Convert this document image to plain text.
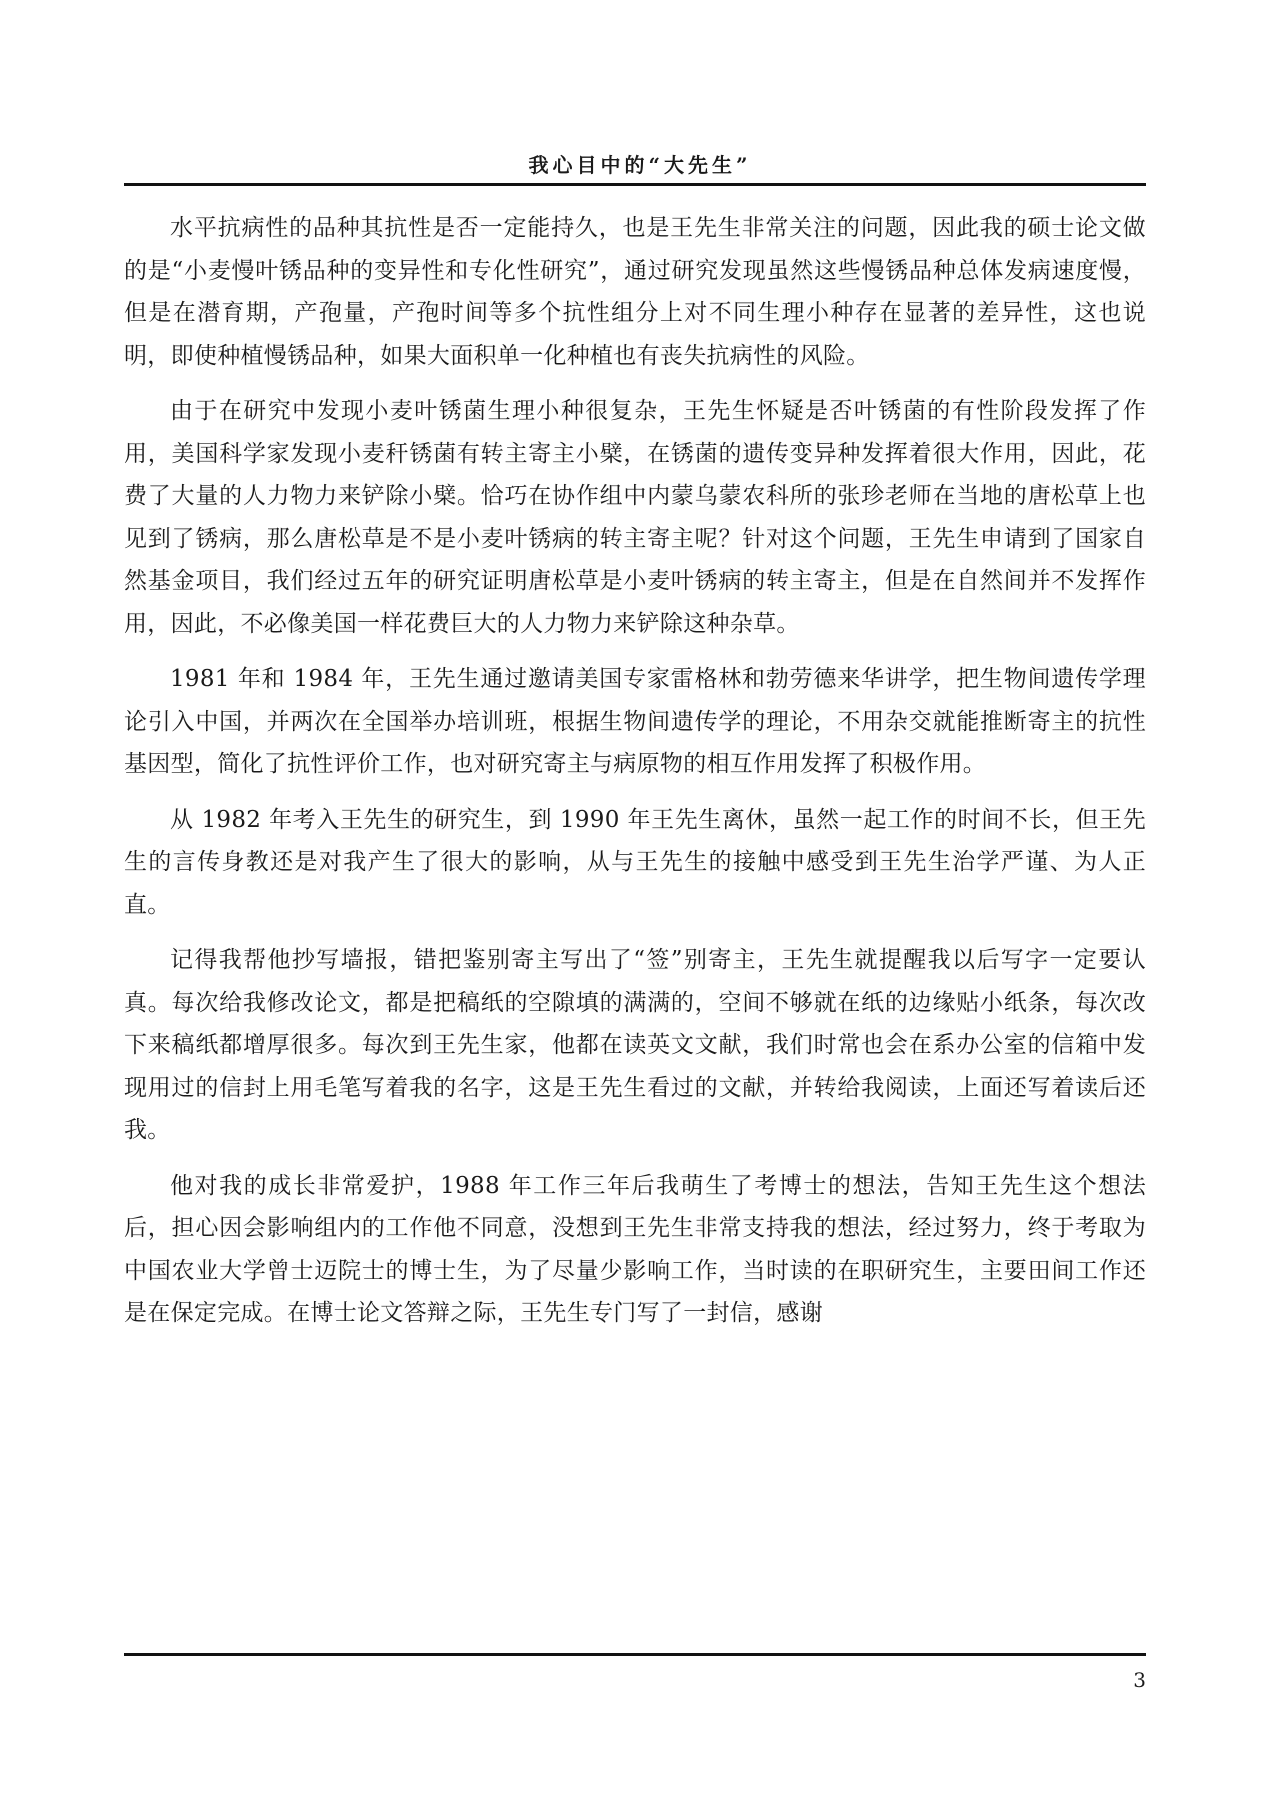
我心目中的“大先生”

水平抗病性的品种其抗性是否一定能持久，也是王先生非常关注的问题，因此我的硕士论文做的是“小麦慢叶锈品种的变异性和专化性研究”，通过研究发现虽然这些慢锈品种总体发病速度慢，但是在潜育期，产孢量，产孢时间等多个抗性组分上对不同生理小种存在显著的差异性，这也说明，即使种植慢锈品种，如果大面积单一化种植也有丧失抗病性的风险。

由于在研究中发现小麦叶锈菌生理小种很复杂，王先生怀疑是否叶锈菌的有性阶段发挥了作用，美国科学家发现小麦秆锈菌有转主寄主小檗，在锈菌的遗传变异种发挥着很大作用，因此，花费了大量的人力物力来铲除小檗。恰巧在协作组中内蒙乌蒙农科所的张珍老师在当地的唐松草上也见到了锈病，那么唐松草是不是小麦叶锈病的转主寄主呢？针对这个问题，王先生申请到了国家自然基金项目，我们经过五年的研究证明唐松草是小麦叶锈病的转主寄主，但是在自然间并不发挥作用，因此，不必像美国一样花费巨大的人力物力来铲除这种杂草。

1981 年和 1984 年，王先生通过邀请美国专家雷格林和勃劳德来华讲学，把生物间遗传学理论引入中国，并两次在全国举办培训班，根据生物间遗传学的理论，不用杂交就能推断寄主的抗性基因型，简化了抗性评价工作，也对研究寄主与病原物的相互作用发挥了积极作用。

从 1982 年考入王先生的研究生，到 1990 年王先生离休，虽然一起工作的时间不长，但王先生的言传身教还是对我产生了很大的影响，从与王先生的接触中感受到王先生治学严谨、为人正直。

记得我帮他抄写墙报，错把鉴别寄主写出了“签”别寄主，王先生就提醒我以后写字一定要认真。每次给我修改论文，都是把稿纸的空隙填的满满的，空间不够就在纸的边缘贴小纸条，每次改下来稿纸都增厚很多。每次到王先生家，他都在读英文文献，我们时常也会在系办公室的信箱中发现用过的信封上用毛笔写着我的名字，这是王先生看过的文献，并转给我阅读，上面还写着读后还我。

他对我的成长非常爱护，1988 年工作三年后我萌生了考博士的想法，告知王先生这个想法后，担心因会影响组内的工作他不同意，没想到王先生非常支持我的想法，经过努力，终于考取为中国农业大学曾士迈院士的博士生，为了尽量少影响工作，当时读的在职研究生，主要田间工作还是在保定完成。在博士论文答辩之际，王先生专门写了一封信，感谢

3
